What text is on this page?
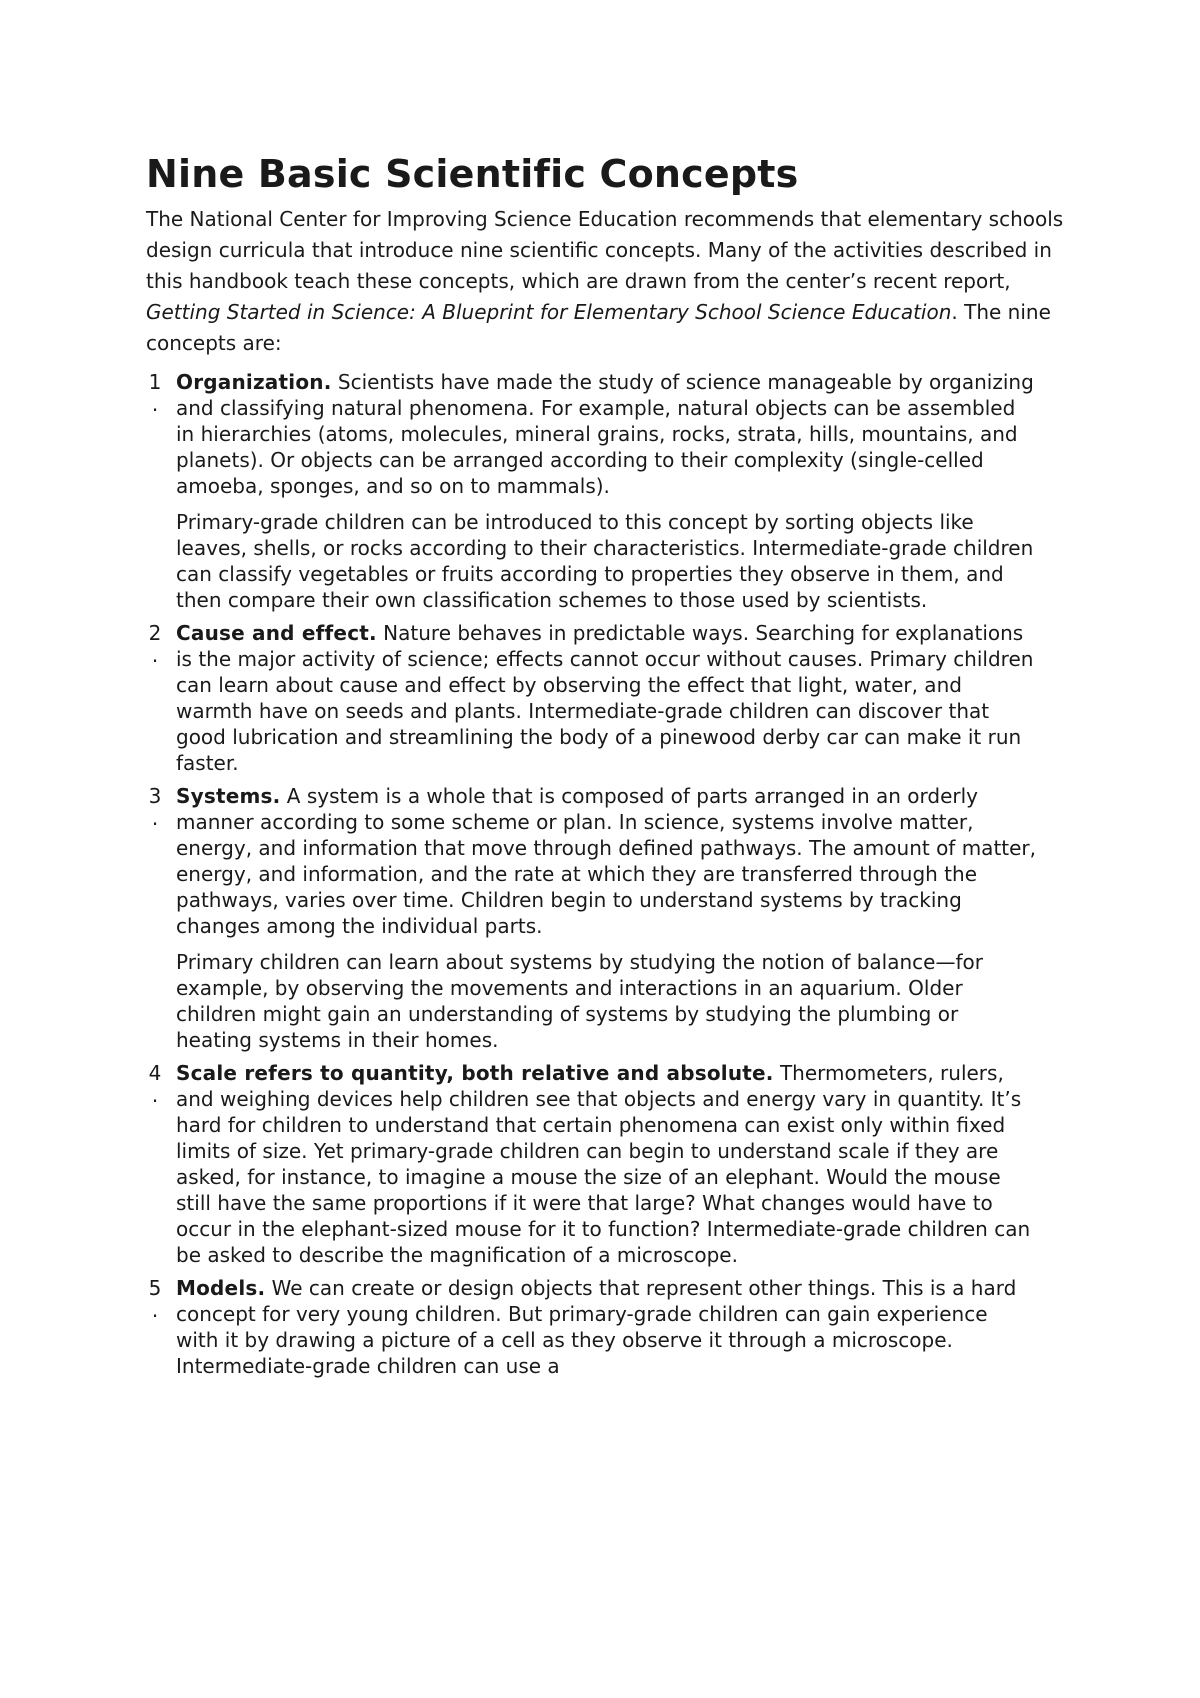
Nine Basic Scientific Concepts

The National Center for Improving Science Education recommends that elementary schools design curricula that introduce nine scientific concepts. Many of the activities described in this handbook teach these concepts, which are drawn from the center’s recent report, Getting Started in Science: A Blueprint for Elementary School Science Education. The nine concepts are:

1
.

Organization. Scientists have made the study of science manageable by organizing and classifying natural phenomena. For example, natural objects can be assembled in hierarchies (atoms, molecules, mineral grains, rocks, strata, hills, mountains, and planets). Or objects can be arranged according to their complexity (single-celled amoeba, sponges, and so on to mammals).

Primary-grade children can be introduced to this concept by sorting objects like leaves, shells, or rocks according to their characteristics. Intermediate-grade children can classify vegetables or fruits according to properties they observe in them, and then compare their own classification schemes to those used by scientists.

2
.

Cause and effect. Nature behaves in predictable ways. Searching for explanations is the major activity of science; effects cannot occur without causes. Primary children can learn about cause and effect by observing the effect that light, water, and warmth have on seeds and plants. Intermediate-grade children can discover that good lubrication and streamlining the body of a pinewood derby car can make it run faster.

3
.

Systems. A system is a whole that is composed of parts arranged in an orderly manner according to some scheme or plan. In science, systems involve matter, energy, and information that move through defined pathways. The amount of matter, energy, and information, and the rate at which they are transferred through the pathways, varies over time. Children begin to understand systems by tracking changes among the individual parts.

Primary children can learn about systems by studying the notion of balance—for example, by observing the movements and interactions in an aquarium. Older children might gain an understanding of systems by studying the plumbing or heating systems in their homes.

4
.

Scale refers to quantity, both relative and absolute. Thermometers, rulers, and weighing devices help children see that objects and energy vary in quantity. It’s hard for children to understand that certain phenomena can exist only within fixed limits of size. Yet primary-grade children can begin to understand scale if they are asked, for instance, to imagine a mouse the size of an elephant. Would the mouse still have the same proportions if it were that large? What changes would have to occur in the elephant-sized mouse for it to function? Intermediate-grade children can be asked to describe the magnification of a microscope.

5
.

Models. We can create or design objects that represent other things. This is a hard concept for very young children. But primary-grade children can gain experience with it by drawing a picture of a cell as they observe it through a microscope. Intermediate-grade children can use a
